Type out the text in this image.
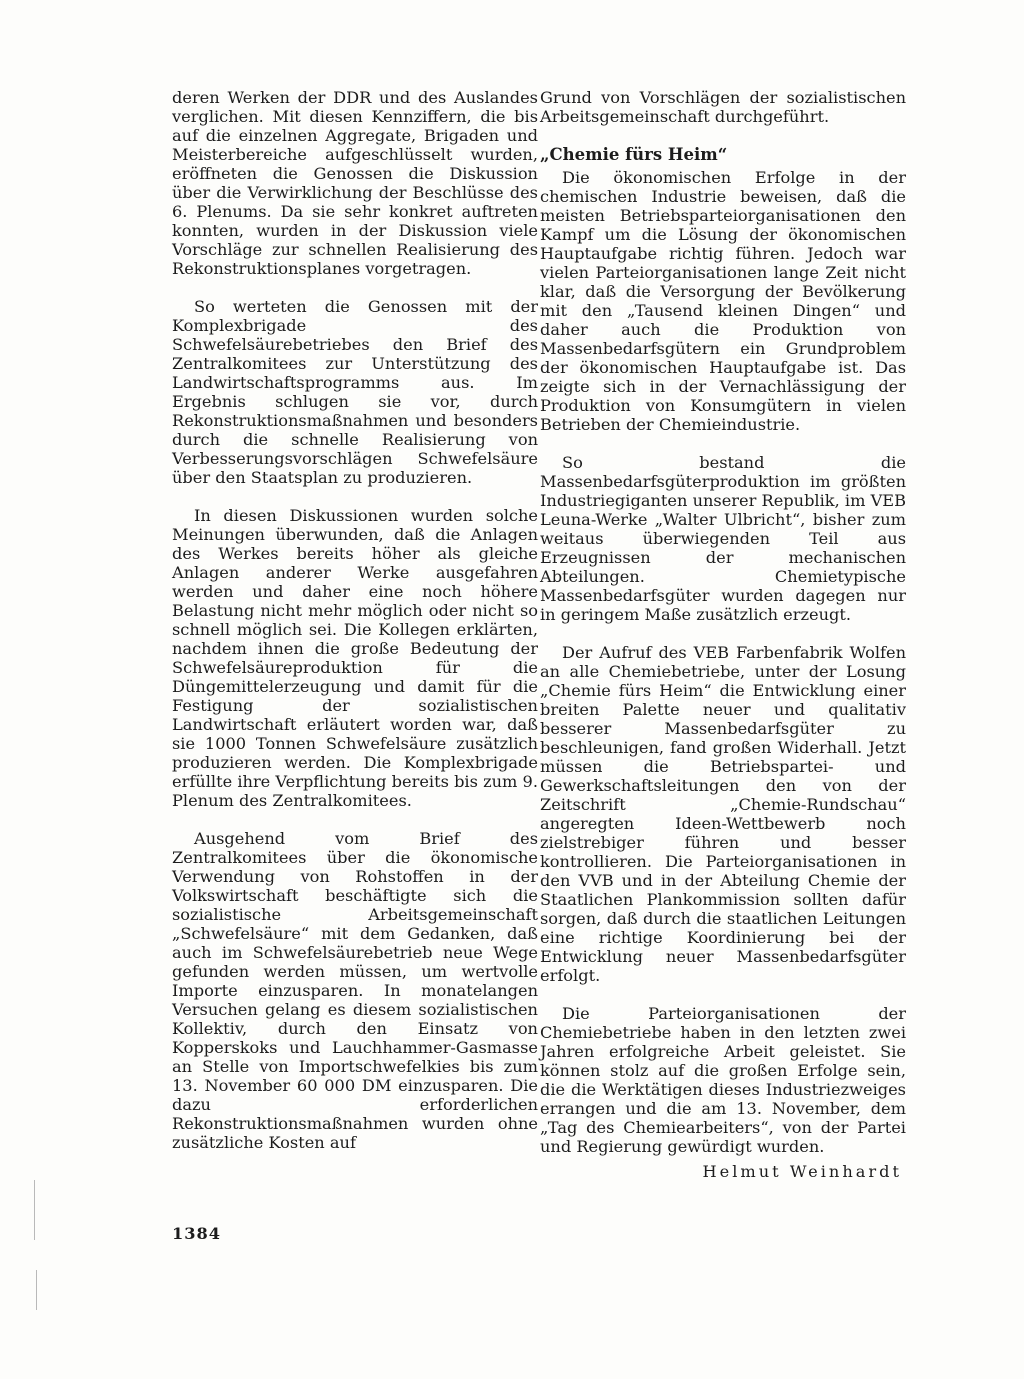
deren Werken der DDR und des Auslandes verglichen. Mit diesen Kennziffern, die bis auf die einzelnen Aggregate, Brigaden und Meisterbereiche aufgeschlüsselt wurden, eröffneten die Genossen die Diskussion über die Verwirklichung der Beschlüsse des 6. Plenums. Da sie sehr konkret auftreten konnten, wurden in der Diskussion viele Vorschläge zur schnellen Realisierung des Rekonstruktionsplanes vorgetragen.

So werteten die Genossen mit der Komplexbrigade des Schwefelsäurebetriebes den Brief des Zentralkomitees zur Unterstützung des Landwirtschaftsprogramms aus. Im Ergebnis schlugen sie vor, durch Rekonstruktionsmaßnahmen und besonders durch die schnelle Realisierung von Verbesserungsvorschlägen Schwefelsäure über den Staatsplan zu produzieren.

In diesen Diskussionen wurden solche Meinungen überwunden, daß die Anlagen des Werkes bereits höher als gleiche Anlagen anderer Werke ausgefahren werden und daher eine noch höhere Belastung nicht mehr möglich oder nicht so schnell möglich sei. Die Kollegen erklärten, nachdem ihnen die große Bedeutung der Schwefelsäureproduktion für die Düngemittelerzeugung und damit für die Festigung der sozialistischen Landwirtschaft erläutert worden war, daß sie 1000 Tonnen Schwefelsäure zusätzlich produzieren werden. Die Komplexbrigade erfüllte ihre Verpflichtung bereits bis zum 9. Plenum des Zentralkomitees.

Ausgehend vom Brief des Zentralkomitees über die ökonomische Verwendung von Rohstoffen in der Volkswirtschaft beschäftigte sich die sozialistische Arbeitsgemeinschaft „Schwefelsäure“ mit dem Gedanken, daß auch im Schwefelsäurebetrieb neue Wege gefunden werden müssen, um wertvolle Importe einzusparen. In monatelangen Versuchen gelang es diesem sozialistischen Kollektiv, durch den Einsatz von Kopperskoks und Lauchhammer-Gasmasse an Stelle von Importschwefelkies bis zum 13. November 60 000 DM einzusparen. Die dazu erforderlichen Rekonstruktionsmaßnahmen wurden ohne zusätzliche Kosten auf

Grund von Vorschlägen der sozialistischen Arbeitsgemeinschaft durchgeführt.

„Chemie fürs Heim“

Die ökonomischen Erfolge in der chemischen Industrie beweisen, daß die meisten Betriebsparteiorganisationen den Kampf um die Lösung der ökonomischen Hauptaufgabe richtig führen. Jedoch war vielen Parteiorganisationen lange Zeit nicht klar, daß die Versorgung der Bevölkerung mit den „Tausend kleinen Dingen“ und daher auch die Produktion von Massenbedarfsgütern ein Grundproblem der ökonomischen Hauptaufgabe ist. Das zeigte sich in der Vernachlässigung der Produktion von Konsumgütern in vielen Betrieben der Chemieindustrie.

So bestand die Massenbedarfsgüterproduktion im größten Industriegiganten unserer Republik, im VEB Leuna-Werke „Walter Ulbricht“, bisher zum weitaus überwiegenden Teil aus Erzeugnissen der mechanischen Abteilungen. Chemietypische Massenbedarfsgüter wurden dagegen nur in geringem Maße zusätzlich erzeugt.

Der Aufruf des VEB Farbenfabrik Wolfen an alle Chemiebetriebe, unter der Losung „Chemie fürs Heim“ die Entwicklung einer breiten Palette neuer und qualitativ besserer Massenbedarfsgüter zu beschleunigen, fand großen Widerhall. Jetzt müssen die Betriebspartei- und Gewerkschaftsleitungen den von der Zeitschrift „Chemie-Rundschau“ angeregten Ideen-Wettbewerb noch zielstrebiger führen und besser kontrollieren. Die Parteiorganisationen in den VVB und in der Abteilung Chemie der Staatlichen Plankommission sollten dafür sorgen, daß durch die staatlichen Leitungen eine richtige Koordinierung bei der Entwicklung neuer Massenbedarfsgüter erfolgt.

Die Parteiorganisationen der Chemiebetriebe haben in den letzten zwei Jahren erfolgreiche Arbeit geleistet. Sie können stolz auf die großen Erfolge sein, die die Werktätigen dieses Industriezweiges errangen und die am 13. November, dem „Tag des Chemiearbeiters“, von der Partei und Regierung gewürdigt wurden.

Helmut Weinhardt
1384
